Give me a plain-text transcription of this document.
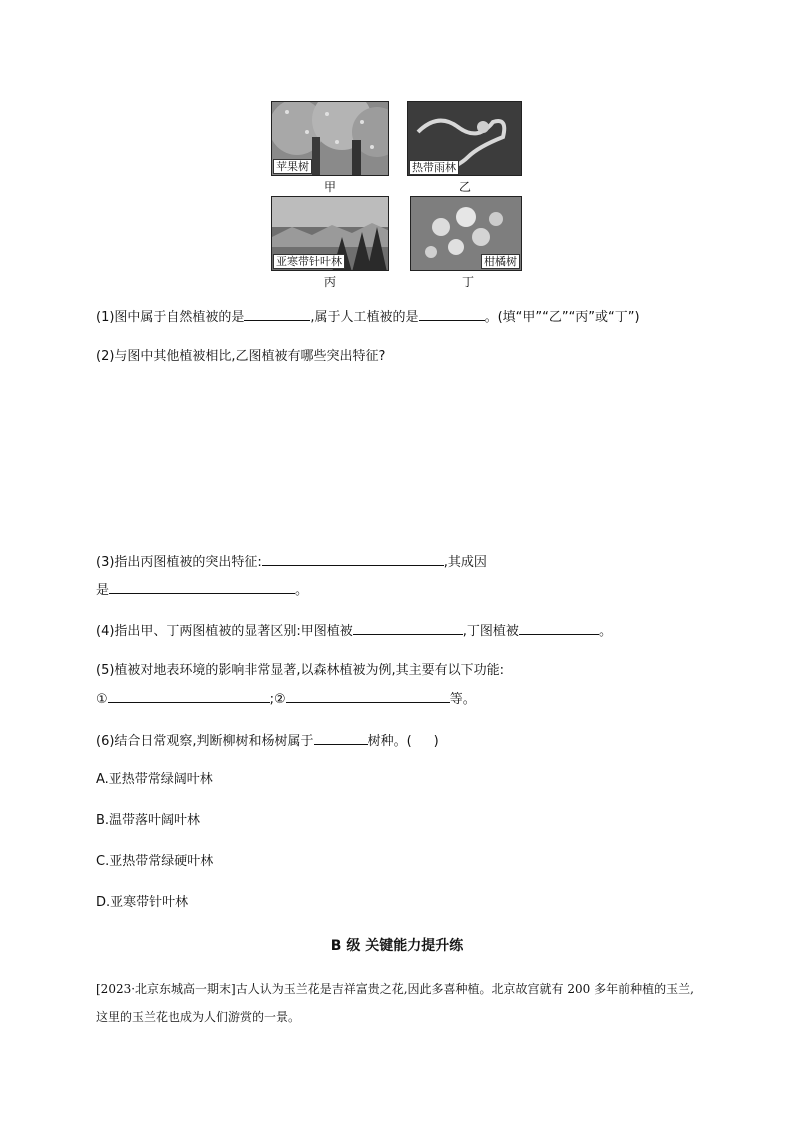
苹果树
甲
热带雨林
乙
亚寒带针叶林
丙
柑橘树
丁
(1)图中属于自然植被的是	,属于人工植被的是	。(填“甲”“乙”“丙”或“丁”)
(2)与图中其他植被相比,乙图植被有哪些突出特征?
(3)指出丙图植被的突出特征:	,其成因
是	。
(4)指出甲、丁两图植被的显著区别:甲图植被	,丁图植被	。
(5)植被对地表环境的影响非常显著,以森林植被为例,其主要有以下功能:
①	;②	等。
(6)结合日常观察,判断柳树和杨树属于	树种。( )
A.亚热带常绿阔叶林
B.温带落叶阔叶林
C.亚热带常绿硬叶林
D.亚寒带针叶林
B 级 关键能力提升练
[2023·北京东城高一期末]古人认为玉兰花是吉祥富贵之花,因此多喜种植。北京故宫就有 200 多年前种植的玉兰,这里的玉兰花也成为人们游赏的一景。
